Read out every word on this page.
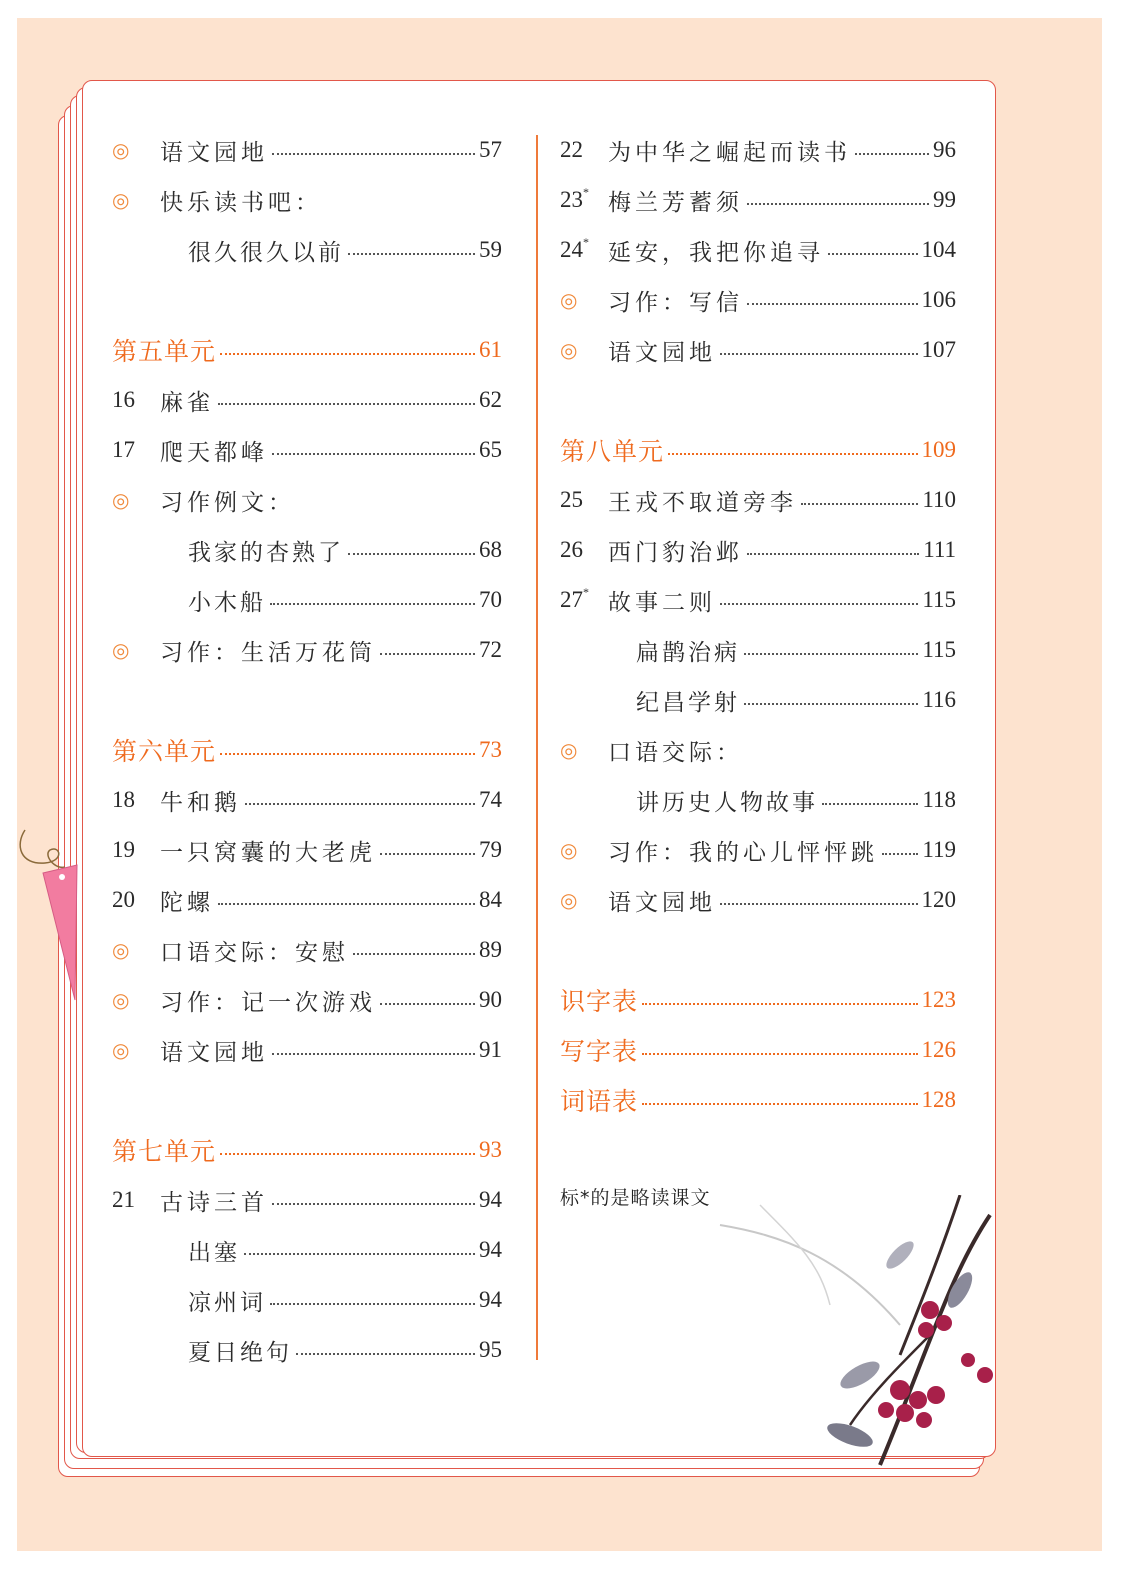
标*的是略读课文
◎	语文园地	57
◎	快乐读书吧：
很久很久以前	59
第五单元	61
16	麻雀	62
17	爬天都峰	65
◎	习作例文：
我家的杏熟了	68
小木船	70
◎	习作：生活万花筒	72
第六单元	73
18	牛和鹅	74
19	一只窝囊的大老虎	79
20	陀螺	84
◎	口语交际：安慰	89
◎	习作：记一次游戏	90
◎	语文园地	91
第七单元	93
21	古诗三首	94
出塞	94
凉州词	94
夏日绝句	95
22	为中华之崛起而读书	96
23* 梅兰芳蓄须	99
24* 延安，我把你追寻	104
◎	习作：写信	106
◎	语文园地	107
第八单元	109
25	王戎不取道旁李	110
26	西门豹治邺	111
27* 故事二则	115
扁鹊治病	115
纪昌学射	116
◎	口语交际：
讲历史人物故事	118
◎	习作：我的心儿怦怦跳 119
◎	语文园地	120
识字表	123
写字表	126
词语表	128
